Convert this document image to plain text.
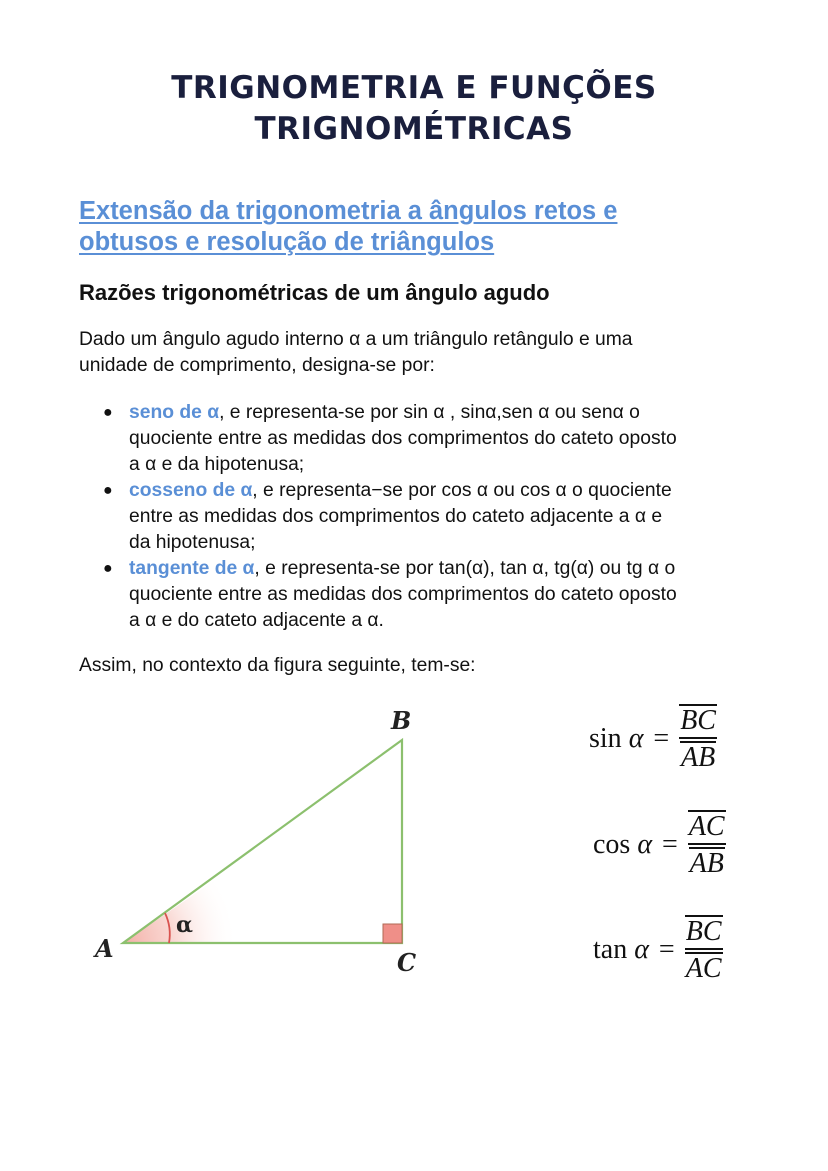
TRIGNOMETRIA E FUNÇÕES
TRIGNOMÉTRICAS
Extensão da trigonometria a ângulos retos e
obtusos e resolução de triângulos
Razões trigonométricas de um ângulo agudo
Dado um ângulo agudo interno α a um triângulo retângulo e uma
unidade de comprimento, designa-se por:
● seno de α, e representa-se por sin α , sinα,sen α ou senα o
quociente entre as medidas dos comprimentos do cateto oposto
a α e da hipotenusa;
● cosseno de α, e representa−se por cos α ou cos α o quociente
entre as medidas dos comprimentos do cateto adjacente a α e
da hipotenusa;
● tangente de α, e representa-se por tan(α), tan α, tg(α) ou tg α o
quociente entre as medidas dos comprimentos do cateto oposto
a α e do cateto adjacente a α.
Assim, no contexto da figura seguinte, tem-se:
α
A
B
C
$\sin \alpha = \frac{BC}{AB}$
$\cos \alpha = \frac{AC}{AB}$
$\tan \alpha = \frac{BC}{AC}$
